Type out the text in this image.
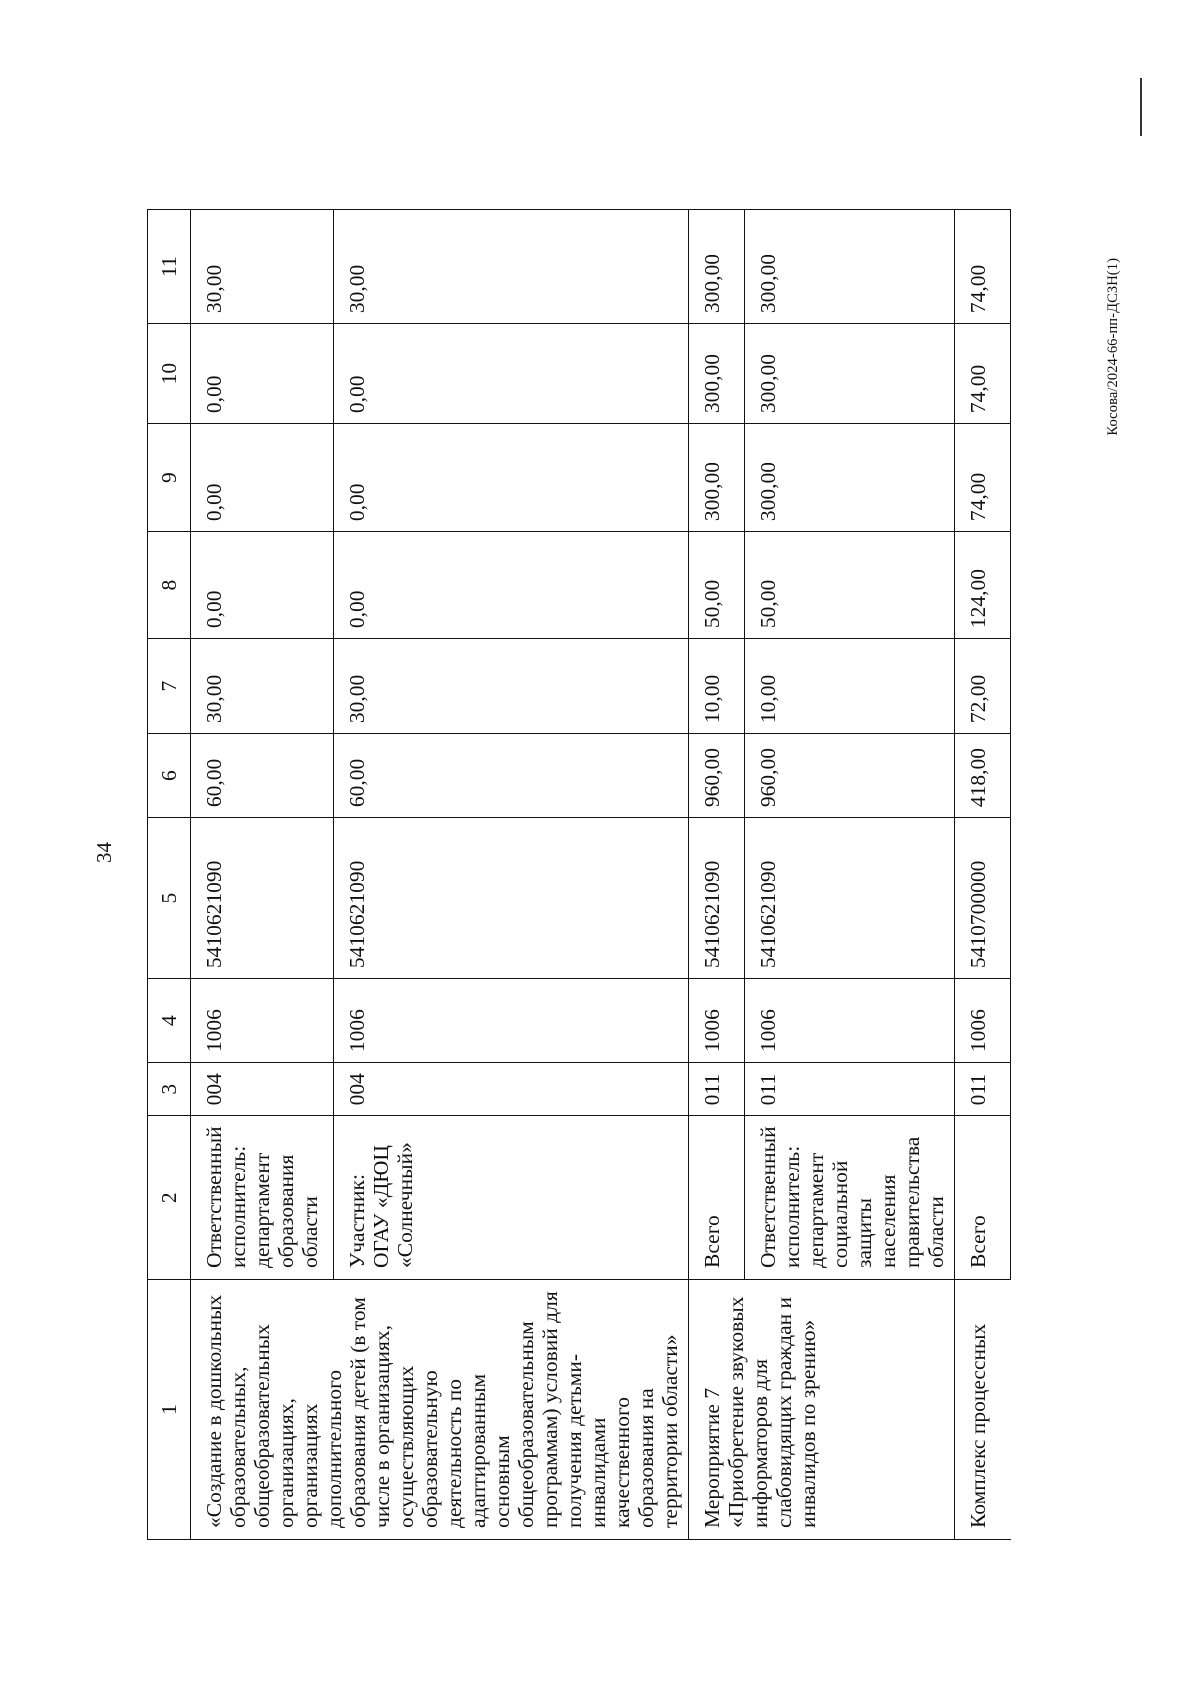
34
1	2	3	4	5	6	7	8	9	10	11
«Создание в дошкольных образовательных, общеобразовательных организациях, организациях дополнительного образования детей (в том числе в организациях, осуществляющих образовательную деятельность по адаптированным основным общеобразовательным программам) условий для получения детьми-инвалидами качественного образования на территории области»	Ответственный исполнитель: департамент образования области	004	1006	5410621090	60,00	30,00	0,00	0,00	0,00	30,00
	Участник: ОГАУ «ДЮЦ «Солнечный»	004	1006	5410621090	60,00	30,00	0,00	0,00	0,00	30,00
Мероприятие 7 «Приобретение звуковых информаторов для слабовидящих граждан и инвалидов по зрению»	Всего	011	1006	5410621090	960,00	10,00	50,00	300,00	300,00	300,00
	Ответственный исполнитель: департамент социальной защиты населения правительства области	011	1006	5410621090	960,00	10,00	50,00	300,00	300,00	300,00
Комплекс процессных	Всего	011	1006	5410700000	418,00	72,00	124,00	74,00	74,00	74,00	Косова/2024-66-пп-ДСЗН(1)
